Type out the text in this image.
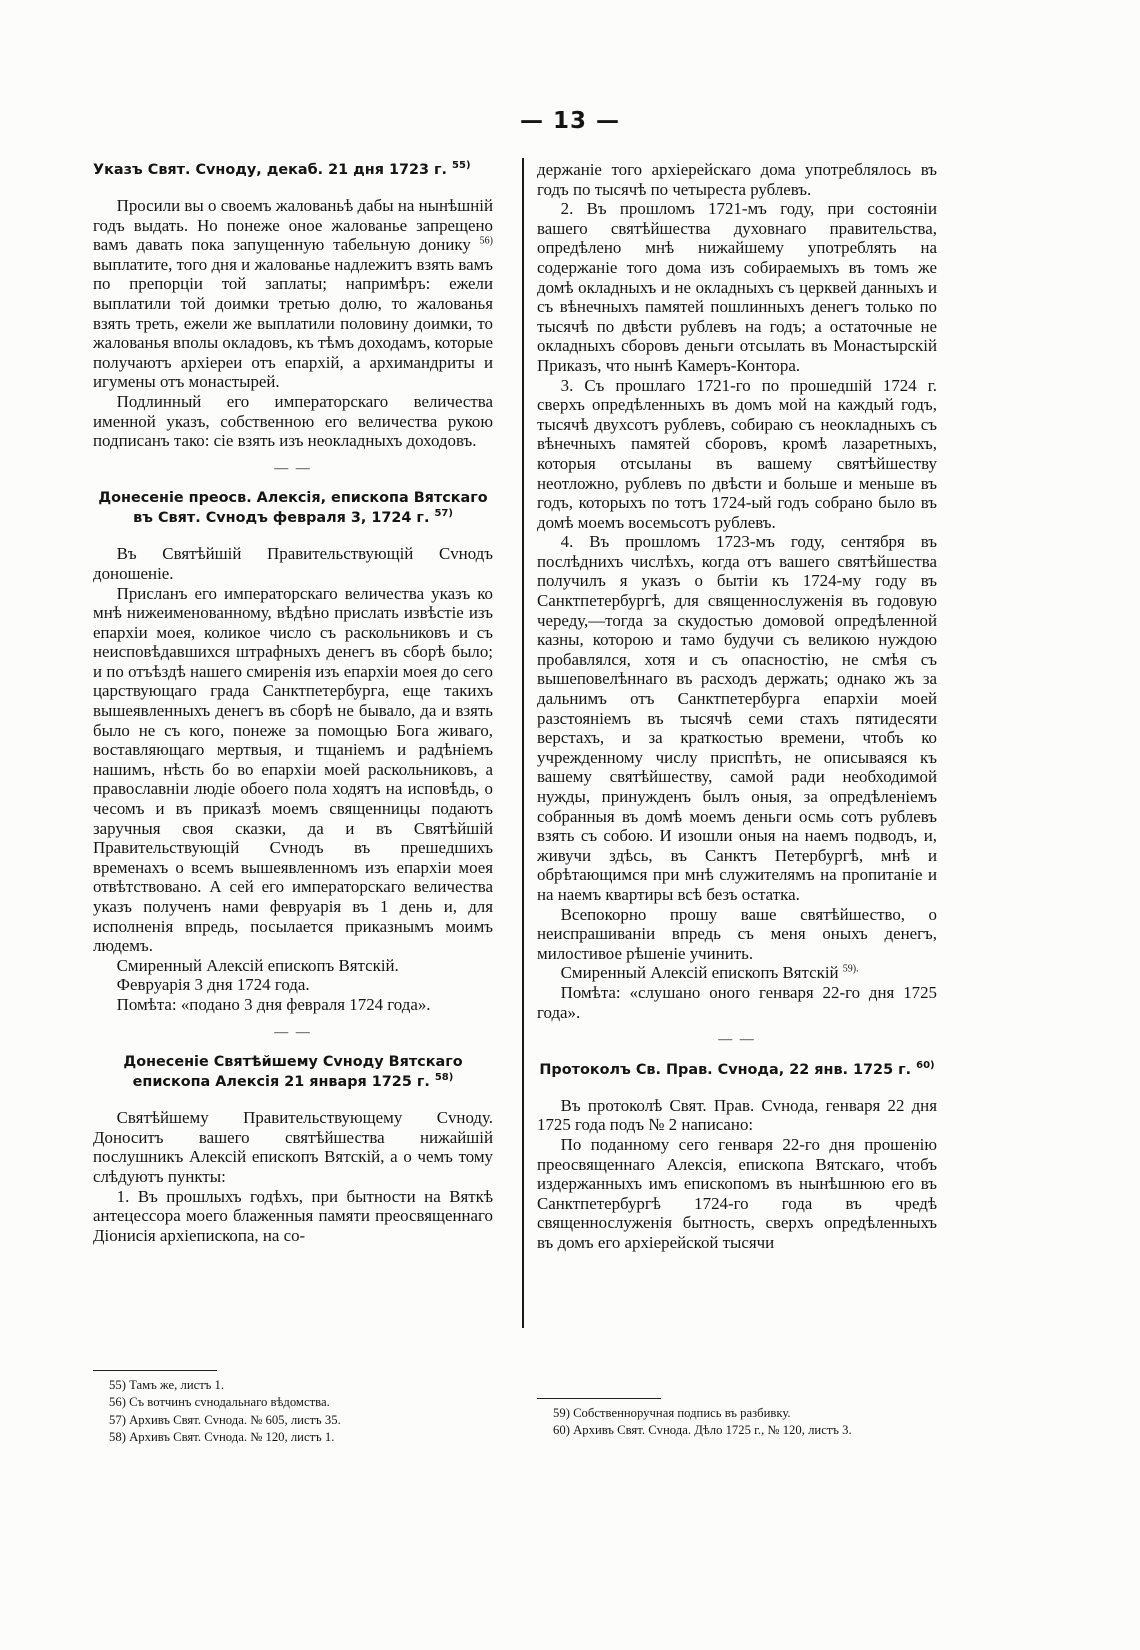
— 13 —
Указъ Свят. Сvноду, декаб. 21 дня 1723 г. $^{55)}$

Просили вы о своемъ жалованьѣ дабы на нынѣшній годъ выдать. Но понеже оное жалованье запрещено вамъ давать пока запущенную табельную донику $^{56)}$ выплатите, того дня и жалованье надлежитъ взять вамъ по препорціи той заплаты; напримѣръ: ежели выплатили той доимки третью долю, то жалованья взять треть, ежели же выплатили половину доимки, то жалованья вполы окладовъ, къ тѣмъ доходамъ, которые получаютъ архіереи отъ епархій, а архимандриты и игумены отъ монастырей.

Подлинный его императорскаго величества именной указъ, собственною его величества рукою подписанъ тако: сіе взять изъ неокладныхъ доходовъ.

— —
Донесеніе преосв. Алексія, епископа Вятскаго въ Свят. Сvнодъ февраля 3, 1724 г. $^{57)}$

Въ Святѣйшій Правительствующій Сvнодъ доношеніе.

Присланъ его императорскаго величества указъ ко мнѣ нижеименованному, вѣдѣно прислать извѣстіе изъ епархіи моея, коликое число съ раскольниковъ и съ неисповѣдавшихся штрафныхъ денегъ въ сборѣ было; и по отъѣздѣ нашего смиренія изъ епархіи моея до сего царствующаго града Санктпетербурга, еще такихъ вышеявленныхъ денегъ въ сборѣ не бывало, да и взять было не съ кого, понеже за помощью Бога живаго, воставляющаго мертвыя, и тщаніемъ и радѣніемъ нашимъ, нѣсть бо во епархіи моей раскольниковъ, а православніи людіе обоего пола ходятъ на исповѣдь, о чесомъ и въ приказѣ моемъ священницы подаютъ заручныя своя сказки, да и въ Святѣйшій Правительствующій Сvнодъ въ прешедшихъ временахъ о всемъ вышеявленномъ изъ епархіи моея отвѣтствовано. А сей его императорскаго величества указъ полученъ нами февруарія въ 1 день и, для исполненія впредь, посылается приказнымъ моимъ людемъ.

Смиренный Алексій епископъ Вятскій.

Февруарія 3 дня 1724 года.

Помѣта: «подано 3 дня февраля 1724 года».

— —
Донесеніе Святѣйшему Сvноду Вятскаго епископа Алексія 21 января 1725 г. $^{58)}$

Святѣйшему Правительствующему Сvноду. Доноситъ вашего святѣйшества нижайшій послушникъ Алексій епископъ Вятскій, а о чемъ тому слѣдуютъ пункты:

1. Въ прошлыхъ годѣхъ, при бытности на Вяткѣ антецессора моего блаженныя памяти преосвященнаго Діонисія архіепископа, на со-

держаніе того архіерейскаго дома употреблялось въ годъ по тысячѣ по четыреста рублевъ.

2. Въ прошломъ 1721-мъ году, при состояніи вашего святѣйшества духовнаго правительства, опредѣлено мнѣ нижайшему употреблять на содержаніе того дома изъ собираемыхъ въ томъ же домѣ окладныхъ и не окладныхъ съ церквей данныхъ и съ вѣнечныхъ памятей пошлинныхъ денегъ только по тысячѣ по двѣсти рублевъ на годъ; а остаточные не окладныхъ сборовъ деньги отсылать въ Монастырскій Приказъ, что нынѣ Камеръ-Контора.

3. Съ прошлаго 1721-го по прошедшій 1724 г. сверхъ опредѣленныхъ въ домъ мой на каждый годъ, тысячѣ двухсотъ рублевъ, собираю съ неокладныхъ съ вѣнечныхъ памятей сборовъ, кромѣ лазаретныхъ, которыя отсыланы въ вашему святѣйшеству неотложно, рублевъ по двѣсти и больше и меньше въ годъ, которыхъ по тотъ 1724-ый годъ собрано было въ домѣ моемъ восемьсотъ рублевъ.

4. Въ прошломъ 1723-мъ году, сентября въ послѣднихъ числѣхъ, когда отъ вашего святѣйшества получилъ я указъ о бытіи къ 1724-му году въ Санктпетербургѣ, для священнослуженія въ годовую череду,—тогда за скудостью домовой опредѣленной казны, которою и тамо будучи съ великою нуждою пробавлялся, хотя и съ опасностію, не смѣя съ вышеповелѣннаго въ расходъ держать; однако жъ за дальнимъ отъ Санктпетербурга епархіи моей разстояніемъ въ тысячѣ семи стахъ пятидесяти верстахъ, и за краткостью времени, чтобъ ко учрежденному числу приспѣть, не описываяся къ вашему святѣйшеству, самой ради необходимой нужды, принужденъ былъ оныя, за опредѣленіемъ собранныя въ домѣ моемъ деньги осмь сотъ рублевъ взять съ собою. И изошли оныя на наемъ подводъ, и, живучи здѣсь, въ Санктъ Петербургѣ, мнѣ и обрѣтающимся при мнѣ служителямъ на пропитаніе и на наемъ квартиры всѣ безъ остатка.

Всепокорно прошу ваше святѣйшество, о неиспрашиваніи впредь съ меня оныхъ денегъ, милостивое рѣшеніе учинить.

Смиренный Алексій епископъ Вятскій $^{59).}$

Помѣта: «слушано оного генваря 22-го дня 1725 года».

— —
Протоколъ Св. Прав. Сvнода, 22 янв. 1725 г. $^{60)}$

Въ протоколѣ Свят. Прав. Сvнода, генваря 22 дня 1725 года подъ № 2 написано:

По поданному сего генваря 22-го дня прошенію преосвященнаго Алексія, епископа Вятскаго, чтобъ издержанныхъ имъ епископомъ въ нынѣшнюю его въ Санктпетербургѣ 1724-го года въ чредѣ священнослуженія бытность, сверхъ опредѣленныхъ въ домъ его архіерейской тысячи

55) Тамъ же, листъ 1.
56) Съ вотчинъ сvнодальнаго вѣдомства.
57) Архивъ Свят. Сvнода. № 605, листъ 35.
58) Архивъ Свят. Сvнода. № 120, листъ 1.
59) Собственноручная подпись въ разбивку.
60) Архивъ Свят. Сvнода. Дѣло 1725 г., № 120, листъ 3.
